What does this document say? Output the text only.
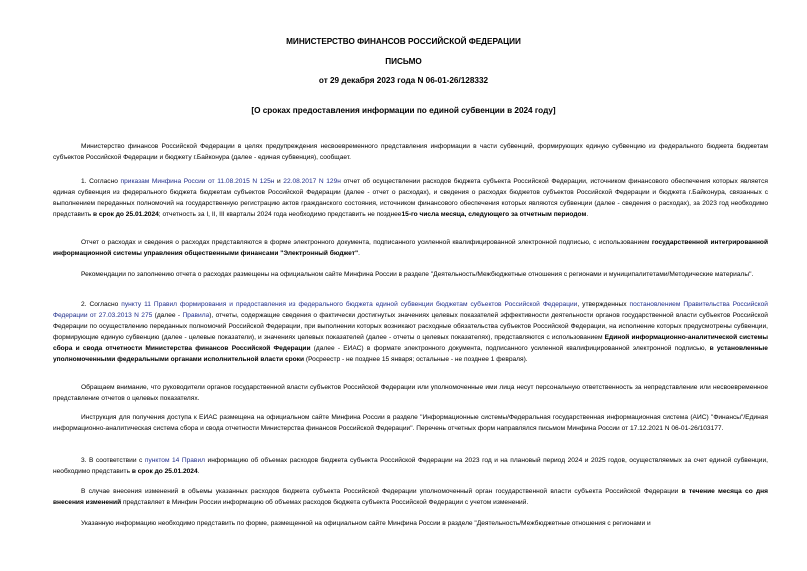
МИНИСТЕРСТВО ФИНАНСОВ РОССИЙСКОЙ ФЕДЕРАЦИИ
ПИСЬМО
от 29 декабря 2023 года N 06-01-26/128332
[О сроках предоставления информации по единой субвенции в 2024 году]

Министерство финансов Российской Федерации в целях предупреждения несвоевременного представления информации в части субвенций, формирующих единую субвенцию из федерального бюджета бюджетам субъектов Российской Федерации и бюджету г.Байконура (далее - единая субвенция), сообщает.

1. Согласно приказам Минфина России от 11.08.2015 N 125н и 22.08.2017 N 129н отчет об осуществлении расходов бюджета субъекта Российской Федерации, источником финансового обеспечения которых является единая субвенция из федерального бюджета бюджетам субъектов Российской Федерации (далее - отчет о расходах), и сведения о расходах бюджетов субъектов Российской Федерации и бюджета г.Байконура, связанных с выполнением переданных полномочий на государственную регистрацию актов гражданского состояния, источником финансового обеспечения которых являются субвенции (далее - сведения о расходах), за 2023 год необходимо представить в срок до 25.01.2024; отчетность за I, II, III кварталы 2024 года необходимо представить не позднее15-го числа месяца, следующего за отчетным периодом.

Отчет о расходах и сведения о расходах представляются в форме электронного документа, подписанного усиленной квалифицированной электронной подписью, с использованием государственной интегрированной информационной системы управления общественными финансами "Электронный бюджет".

Рекомендации по заполнению отчета о расходах размещены на официальном сайте Минфина России в разделе "Деятельность/Межбюджетные отношения с регионами и муниципалитетами/Методические материалы".

2. Согласно пункту 11 Правил формирования и предоставления из федерального бюджета единой субвенции бюджетам субъектов Российской Федерации, утвержденных постановлением Правительства Российской Федерации от 27.03.2013 N 275 (далее - Правила), отчеты, содержащие сведения о фактически достигнутых значениях целевых показателей эффективности деятельности органов государственной власти субъектов Российской Федерации по осуществлению переданных полномочий Российской Федерации, при выполнении которых возникают расходные обязательства субъектов Российской Федерации, на исполнение которых предусмотрены субвенции, формирующие единую субвенцию (далее - целевые показатели), и значениях целевых показателей (далее - отчеты о целевых показателях), представляются с использованием Единой информационно-аналитической системы сбора и свода отчетности Министерства финансов Российской Федерации (далее - ЕИАС) в формате электронного документа, подписанного усиленной квалифицированной электронной подписью, в установленные уполномоченными федеральными органами исполнительной власти сроки (Росреестр - не позднее 15 января; остальные - не позднее 1 февраля).

Обращаем внимание, что руководители органов государственной власти субъектов Российской Федерации или уполномоченные ими лица несут персональную ответственность за непредставление или несвоевременное представление отчетов о целевых показателях.

Инструкция для получения доступа к ЕИАС размещена на официальном сайте Минфина России в разделе "Информационные системы/Федеральная государственная информационная система (АИС) "Финансы"/Единая информационно-аналитическая система сбора и свода отчетности Министерства финансов Российской Федерации". Перечень отчетных форм направлялся письмом Минфина России от 17.12.2021 N 06-01-26/103177.

3. В соответствии с пунктом 14 Правил информацию об объемах расходов бюджета субъекта Российской Федерации на 2023 год и на плановый период 2024 и 2025 годов, осуществляемых за счет единой субвенции, необходимо представить в срок до 25.01.2024.

В случае внесения изменений в объемы указанных расходов бюджета субъекта Российской Федерации уполномоченный орган государственной власти субъекта Российской Федерации в течение месяца со дня внесения изменений представляет в Минфин России информацию об объемах расходов бюджета субъекта Российской Федерации с учетом изменений.

Указанную информацию необходимо представить по форме, размещенной на официальном сайте Минфина России в разделе "Деятельность/Межбюджетные отношения с регионами и
